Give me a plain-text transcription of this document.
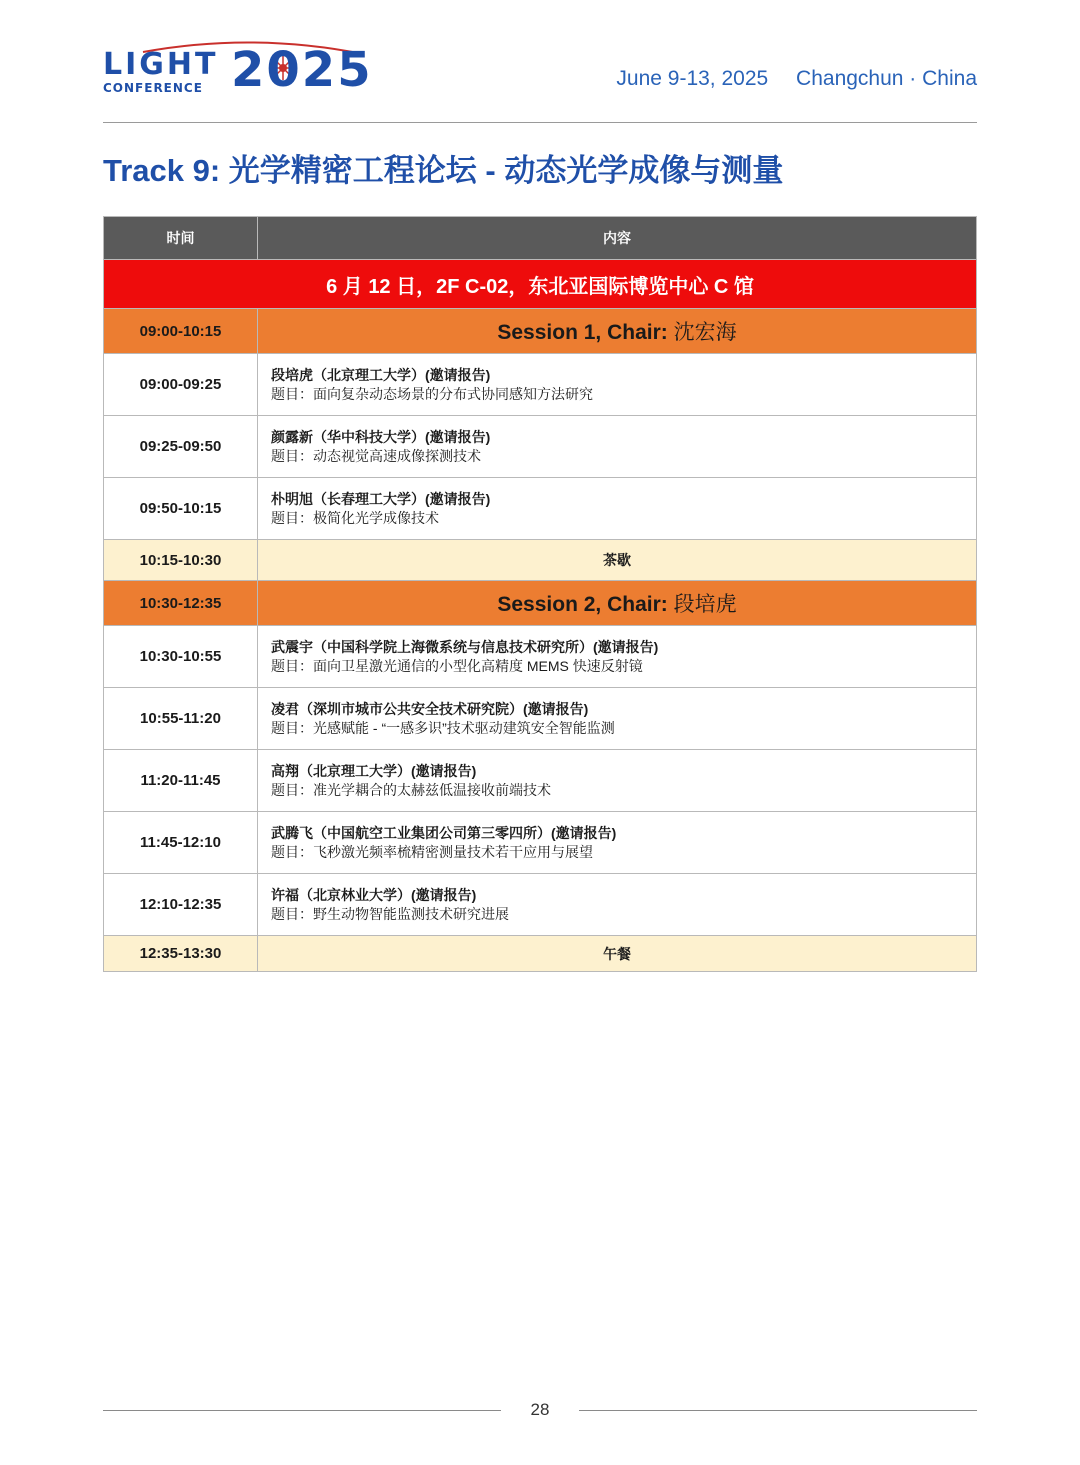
LIGHT
CONFERENCE 2025	June 9-13, 2025 Changchun · China
Track 9: 光学精密工程论坛 - 动态光学成像与测量
时间	内容
6 月 12 日，2F C-02，东北亚国际博览中心 C 馆	
09:00-10:15	Session 1, Chair: 沈宏海
09:00-09:25	段培虎（北京理工大学）(邀请报告)
题目：面向复杂动态场景的分布式协同感知方法研究

09:25-09:50	颜露新（华中科技大学）(邀请报告)
题目：动态视觉高速成像探测技术

09:50-10:15	朴明旭（长春理工大学）(邀请报告)
题目：极简化光学成像技术

10:15-10:30	茶歇
10:30-12:35	Session 2, Chair: 段培虎
10:30-10:55	武震宇（中国科学院上海微系统与信息技术研究所）(邀请报告)
题目：面向卫星激光通信的小型化高精度 MEMS 快速反射镜

10:55-11:20	凌君（深圳市城市公共安全技术研究院）(邀请报告)
题目：光感赋能 - “一感多识”技术驱动建筑安全智能监测

11:20-11:45	高翔（北京理工大学）(邀请报告)
题目：准光学耦合的太赫兹低温接收前端技术

11:45-12:10	武腾飞（中国航空工业集团公司第三零四所）(邀请报告)
题目：飞秒激光频率梳精密测量技术若干应用与展望

12:10-12:35	许福（北京林业大学）(邀请报告)
题目：野生动物智能监测技术研究进展

12:35-13:30	午餐
28
